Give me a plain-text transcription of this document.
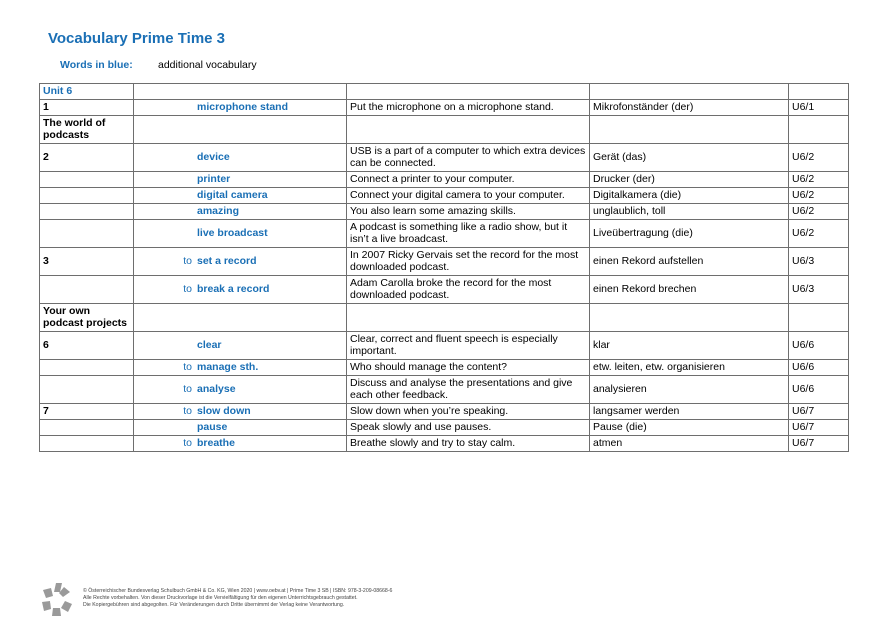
Vocabulary Prime Time 3
Words in blue: additional vocabulary
Unit 6				
1	microphone stand	Put the microphone on a microphone stand.	Mikrofonständer (der)	U6/1
The world of podcasts				
2	device	USB is a part of a computer to which extra devices can be connected.	Gerät (das)	U6/2
	printer	Connect a printer to your computer.	Drucker (der)	U6/2
	digital camera	Connect your digital camera to your computer.	Digitalkamera (die)	U6/2
	amazing	You also learn some amazing skills.	unglaublich, toll	U6/2
	live broadcast	A podcast is something like a radio show, but it isn’t a live broadcast.	Liveübertragung (die)	U6/2
3	to set a record	In 2007 Ricky Gervais set the record for the most downloaded podcast.	einen Rekord aufstellen	U6/3
	to break a record	Adam Carolla broke the record for the most downloaded podcast.	einen Rekord brechen	U6/3
Your own podcast projects				
6	clear	Clear, correct and fluent speech is especially important.	klar	U6/6
	to manage sth.	Who should manage the content?	etw. leiten, etw. organisieren	U6/6
	to analyse	Discuss and analyse the presentations and give each other feedback.	analysieren	U6/6
7	to slow down	Slow down when you’re speaking.	langsamer werden	U6/7
	pause	Speak slowly and use pauses.	Pause (die)	U6/7
	to breathe	Breathe slowly and try to stay calm.	atmen	U6/7
öbv
© Österreichischer Bundesverlag Schulbuch GmbH & Co. KG, Wien 2020 | www.oebv.at | Prime Time 3 SB | ISBN: 978-3-209-08668-6
Alle Rechte vorbehalten. Von dieser Druckvorlage ist die Vervielfältigung für den eigenen Unterrichtsgebrauch gestattet.
Die Kopiergebühren sind abgegolten. Für Veränderungen durch Dritte übernimmt der Verlag keine Verantwortung.
